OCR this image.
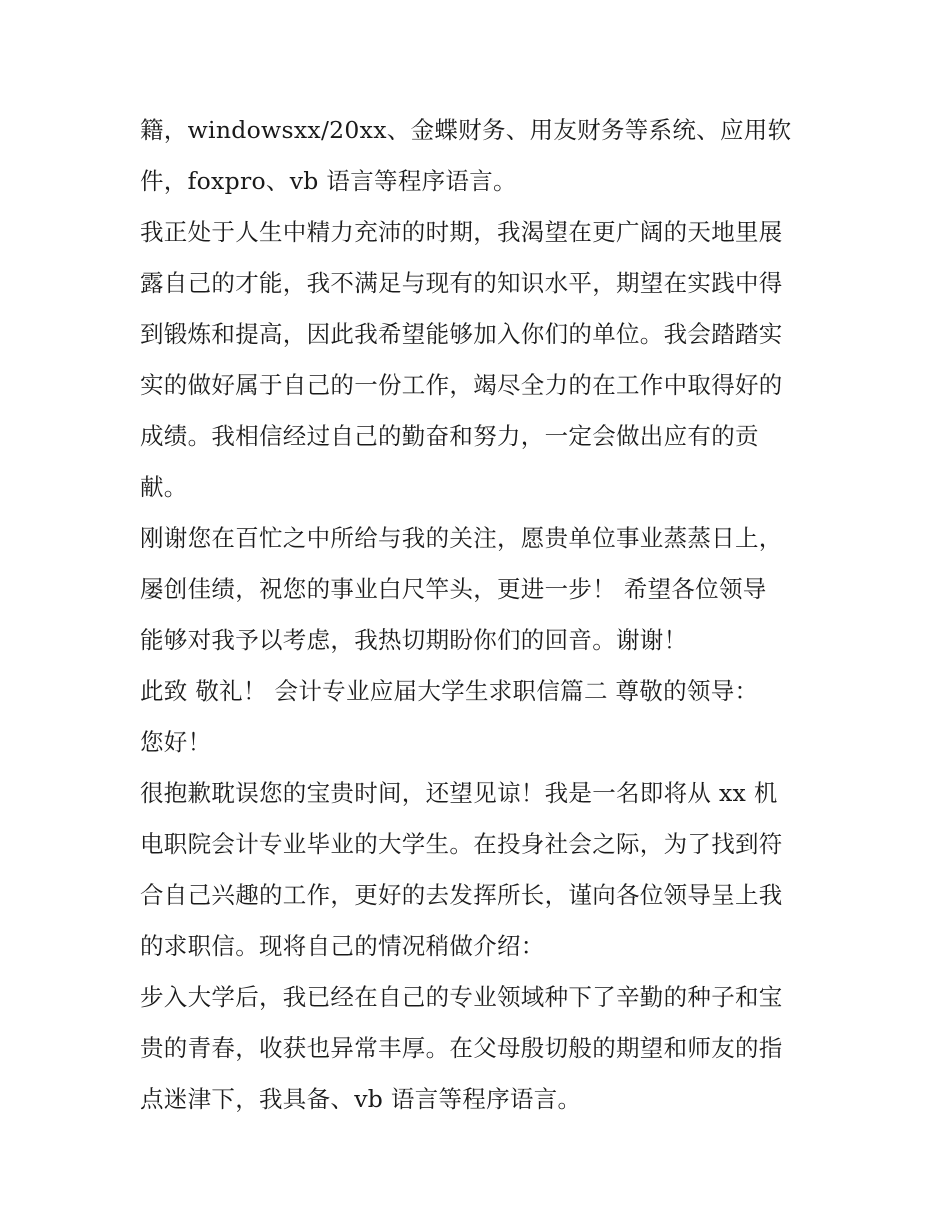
籍，windowsxx/20xx、金蝶财务、用友财务等系统、应用软
件，foxpro、vb 语言等程序语言。
我正处于人生中精力充沛的时期，我渴望在更广阔的天地里展
露自己的才能，我不满足与现有的知识水平，期望在实践中得
到锻炼和提高，因此我希望能够加入你们的单位。我会踏踏实
实的做好属于自己的一份工作，竭尽全力的在工作中取得好的
成绩。我相信经过自己的勤奋和努力，一定会做出应有的贡
献。
刚谢您在百忙之中所给与我的关注，愿贵单位事业蒸蒸日上，
屡创佳绩，祝您的事业白尺竿头，更进一步！ 希望各位领导
能够对我予以考虑，我热切期盼你们的回音。谢谢！
此致 敬礼！ 会计专业应届大学生求职信篇二 尊敬的领导：
您好！
很抱歉耽误您的宝贵时间，还望见谅！我是一名即将从 xx 机
电职院会计专业毕业的大学生。在投身社会之际，为了找到符
合自己兴趣的工作，更好的去发挥所长，谨向各位领导呈上我
的求职信。现将自己的情况稍做介绍：
步入大学后，我已经在自己的专业领域种下了辛勤的种子和宝
贵的青春，收获也异常丰厚。在父母殷切般的期望和师友的指
点迷津下，我具备、vb 语言等程序语言。
